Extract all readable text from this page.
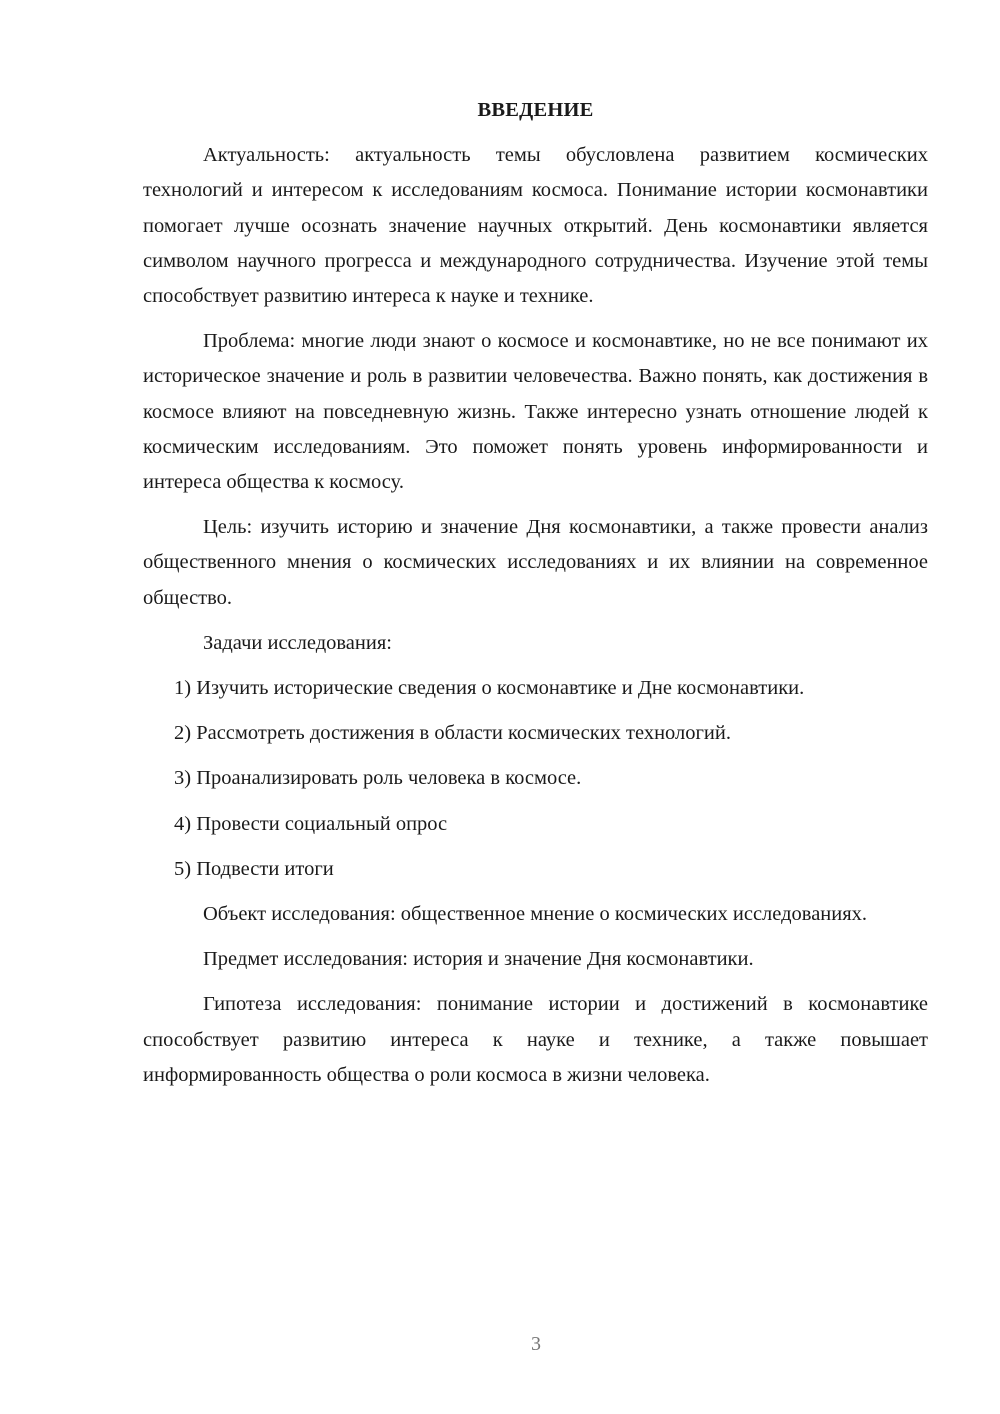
ВВЕДЕНИЕ

Актуальность: актуальность темы обусловлена развитием космических технологий и интересом к исследованиям космоса. Понимание истории космонавтики помогает лучше осознать значение научных открытий. День космонавтики является символом научного прогресса и международного сотрудничества. Изучение этой темы способствует развитию интереса к науке и технике.

Проблема: многие люди знают о космосе и космонавтике, но не все понимают их историческое значение и роль в развитии человечества. Важно понять, как достижения в космосе влияют на повседневную жизнь. Также интересно узнать отношение людей к космическим исследованиям. Это поможет понять уровень информированности и интереса общества к космосу.

Цель: изучить историю и значение Дня космонавтики, а также провести анализ общественного мнения о космических исследованиях и их влиянии на современное общество.

Задачи исследования:

1) Изучить исторические сведения о космонавтике и Дне космонавтики.

2) Рассмотреть достижения в области космических технологий.

3) Проанализировать роль человека в космосе.

4) Провести социальный опрос

5) Подвести итоги

Объект исследования: общественное мнение о космических исследованиях.

Предмет исследования: история и значение Дня космонавтики.

Гипотеза исследования: понимание истории и достижений в космонавтике способствует развитию интереса к науке и технике, а также повышает информированность общества о роли космоса в жизни человека.

3
